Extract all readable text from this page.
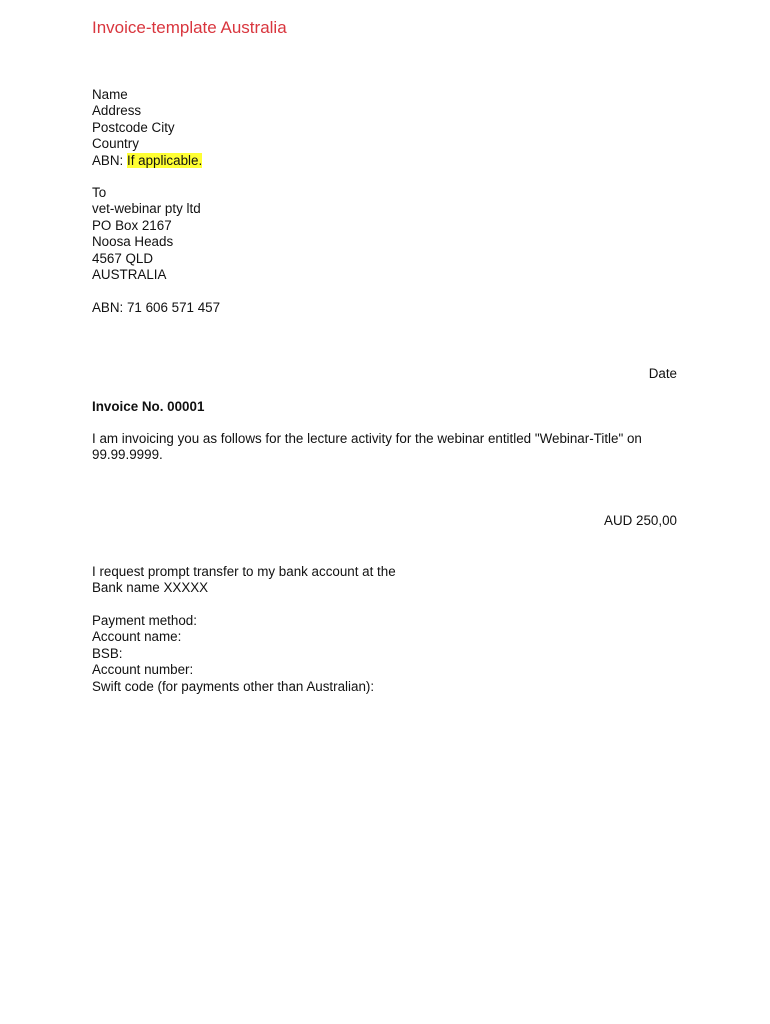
Invoice-template Australia
Name
Address
Postcode City
Country
ABN: If applicable.
To
vet-webinar pty ltd
PO Box 2167
Noosa Heads
4567 QLD
AUSTRALIA
ABN: 71 606 571 457
Date
Invoice No. 00001
I am invoicing you as follows for the lecture activity for the webinar entitled "Webinar-Title" on
99.99.9999.
AUD 250,00
I request prompt transfer to my bank account at the
Bank name XXXXX
Payment method:
Account name:
BSB:
Account number:
Swift code (for payments other than Australian):
